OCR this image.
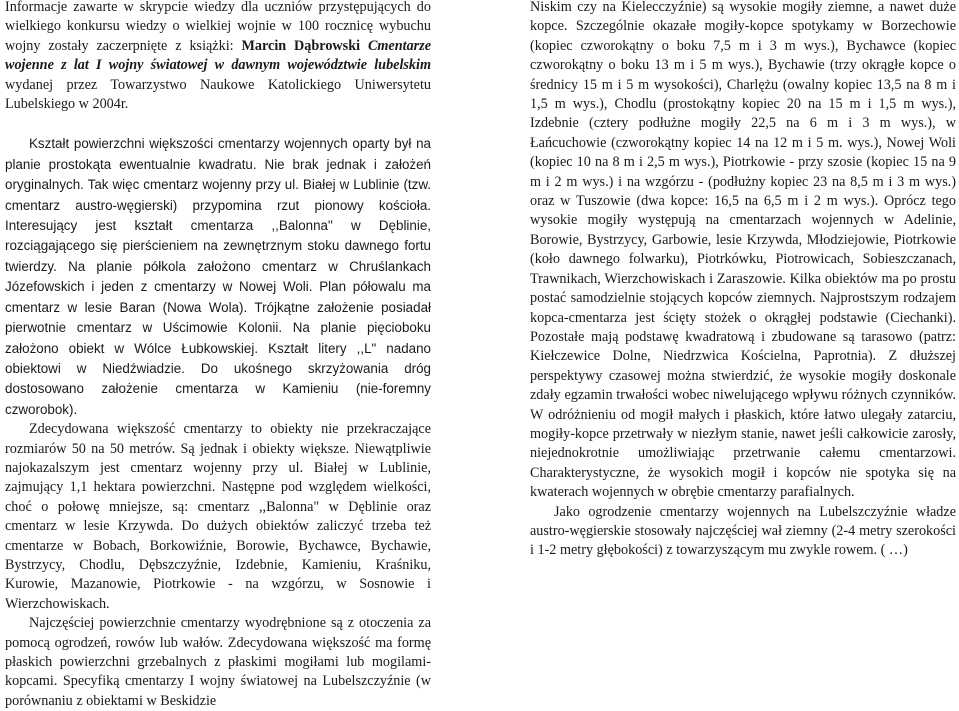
Informacje zawarte w skrypcie wiedzy dla uczniów przystępujących do wielkiego konkursu wiedzy o wielkiej wojnie w 100 rocznicę wybuchu wojny zostały zaczerpnięte z książki: Marcin Dąbrowski Cmentarze wojenne z lat I wojny światowej w dawnym województwie lubelskim wydanej przez Towarzystwo Naukowe Katolickiego Uniwersytetu Lubelskiego w 2004r.

Kształt powierzchni większości cmentarzy wojennych oparty był na planie prostokąta ewentualnie kwadratu. Nie brak jednak i założeń oryginalnych. Tak więc cmentarz wojenny przy ul. Białej w Lublinie (tzw. cmentarz austro-węgierski) przypomina rzut pionowy kościoła. Interesujący jest kształt cmentarza ,,Balonna" w Dęblinie, rozciągającego się pierścieniem na zewnętrznym stoku dawnego fortu twierdzy. Na planie półkola założono cmentarz w Chruślankach Józefowskich i jeden z cmentarzy w Nowej Woli. Plan półowalu ma cmentarz w lesie Baran (Nowa Wola). Trójkątne założenie posiadał pierwotnie cmentarz w Uścimowie Kolonii. Na planie pięcioboku założono obiekt w Wólce Łubkowskiej. Kształt litery ,,L" nadano obiektowi w Niedźwiadzie. Do ukośnego skrzyżowania dróg dostosowano założenie cmentarza w Kamieniu (nie-foremny czworobok).

Zdecydowana większość cmentarzy to obiekty nie przekraczające rozmiarów 50 na 50 metrów. Są jednak i obiekty większe. Niewątpliwie najokazalszym jest cmentarz wojenny przy ul. Białej w Lublinie, zajmujący 1,1 hektara powierzchni. Następne pod względem wielkości, choć o połowę mniejsze, są: cmentarz ,,Balonna" w Dęblinie oraz cmentarz w lesie Krzywda. Do dużych obiektów zaliczyć trzeba też cmentarze w Bobach, Borkowiźnie, Borowie, Bychawce, Bychawie, Bystrzycy, Chodlu, Dębszczyźnie, Izdebnie, Kamieniu, Kraśniku, Kurowie, Mazanowie, Piotrkowie - na wzgórzu, w Sosnowie i Wierzchowiskach.

Najczęściej powierzchnie cmentarzy wyodrębnione są z otoczenia za pomocą ogrodzeń, rowów lub wałów. Zdecydowana większość ma formę płaskich powierzchni grzebalnych z płaskimi mogiłami lub mogilami-kopcami. Specyfiką cmentarzy I wojny światowej na Lubelszczyźnie (w porównaniu z obiektami w Beskidzie

Niskim czy na Kielecczyźnie) są wysokie mogiły ziemne, a nawet duże kopce. Szczególnie okazałe mogiły-kopce spotykamy w Borzechowie (kopiec czworokątny o boku 7,5 m i 3 m wys.), Bychawce (kopiec czworokątny o boku 13 m i 5 m wys.), Bychawie (trzy okrągłe kopce o średnicy 15 m i 5 m wysokości), Charlężu (owalny kopiec 13,5 na 8 m i 1,5 m wys.), Chodlu (prostokątny kopiec 20 na 15 m i 1,5 m wys.), Izdebnie (cztery podłużne mogiły 22,5 na 6 m i 3 m wys.), w Łańcuchowie (czworokątny kopiec 14 na 12 m i 5 m. wys.), Nowej Woli (kopiec 10 na 8 m i 2,5 m wys.), Piotrkowie - przy szosie (kopiec 15 na 9 m i 2 m wys.) i na wzgórzu - (podłużny kopiec 23 na 8,5 m i 3 m wys.) oraz w Tuszowie (dwa kopce: 16,5 na 6,5 m i 2 m wys.). Oprócz tego wysokie mogiły występują na cmentarzach wojennych w Adelinie, Borowie, Bystrzycy, Garbowie, lesie Krzywda, Młodziejowie, Piotrkowie (koło dawnego folwarku), Piotrkówku, Piotrowicach, Sobieszczanach, Trawnikach, Wierzchowiskach i Zaraszowie. Kilka obiektów ma po prostu postać samodzielnie stojących kopców ziemnych. Najprostszym rodzajem kopca-cmentarza jest ścięty stożek o okrągłej podstawie (Ciechanki). Pozostałe mają podstawę kwadratową i zbudowane są tarasowo (patrz: Kiełczewice Dolne, Niedrzwica Kościelna, Paprotnia). Z dłuższej perspektywy czasowej można stwierdzić, że wysokie mogiły doskonale zdały egzamin trwałości wobec niwelującego wpływu różnych czynników. W odróżnieniu od mogił małych i płaskich, które łatwo ulegały zatarciu, mogiły-kopce przetrwały w niezłym stanie, nawet jeśli całkowicie zarosły, niejednokrotnie umożliwiając przetrwanie całemu cmentarzowi. Charakterystyczne, że wysokich mogił i kopców nie spotyka się na kwaterach wojennych w obrębie cmentarzy parafialnych.

Jako ogrodzenie cmentarzy wojennych na Lubelszczyźnie władze austro-węgierskie stosowały najczęściej wał ziemny (2-4 metry szerokości i 1-2 metry głębokości) z towarzyszącym mu zwykle rowem. ( …)
